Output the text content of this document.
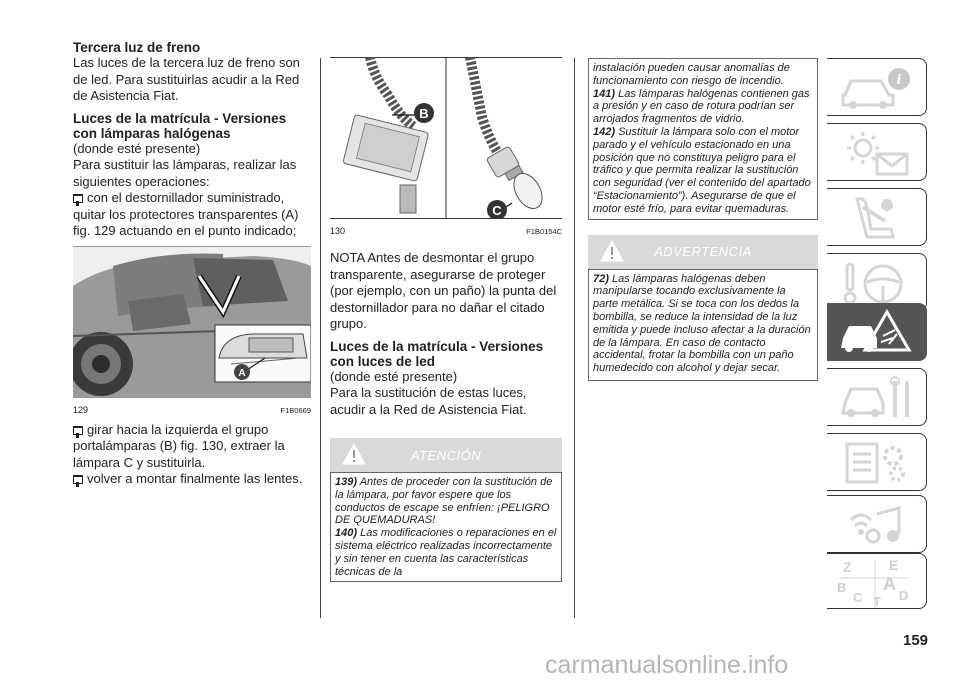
Tercera luz de freno

Las luces de la tercera luz de freno son de led. Para sustituirlas acudir a la Red de Asistencia Fiat.

Luces de la matrícula - Versiones con lámparas halógenas

(donde esté presente)

Para sustituir las lámparas, realizar las siguientes operaciones:

con el destornillador suministrado, quitar los protectores transparentes (A) fig. 129 actuando en el punto indicado;

A
129	F1B0669

girar hacia la izquierda el grupo portalámparas (B) fig. 130, extraer la lámpara C y sustituirla.

volver a montar finalmente las lentes.

B
C
130	F1B0154C

NOTA Antes de desmontar el grupo transparente, asegurarse de proteger (por ejemplo, con un paño) la punta del destornillador para no dañar el citado grupo.

Luces de la matrícula - Versiones con luces de led

(donde esté presente)

Para la sustitución de estas luces, acudir a la Red de Asistencia Fiat.

ATENCIÓN
139) Antes de proceder con la sustitución de la lámpara, por favor espere que los conductos de escape se enfríen: ¡PELIGRO DE QUEMADURAS!
140) Las modificaciones o reparaciones en el sistema eléctrico realizadas incorrectamente y sin tener en cuenta las características técnicas de la
instalación pueden causar anomalías de funcionamiento con riesgo de incendio.
141) Las lámparas halógenas contienen gas a presión y en caso de rotura podrían ser arrojados fragmentos de vidrio.
142) Sustituir la lámpara solo con el motor parado y el vehículo estacionado en una posición que no constituya peligro para el tráfico y que permita realizar la sustitución con seguridad (ver el contenido del apartado “Estacionamiento”). Asegurarse de que el motor esté frío, para evitar quemaduras.
ADVERTENCIA
72) Las lámparas halógenas deben manipularse tocando exclusivamente la parte metálica. Si se toca con los dedos la bombilla, se reduce la intensidad de la luz emitida y puede incluso afectar a la duración de la lámpara. En caso de contacto accidental, frotar la bombilla con un paño humedecido con alcohol y dejar secar.
i
Z	E
B A
C T D
159
carmanualsonline.info
